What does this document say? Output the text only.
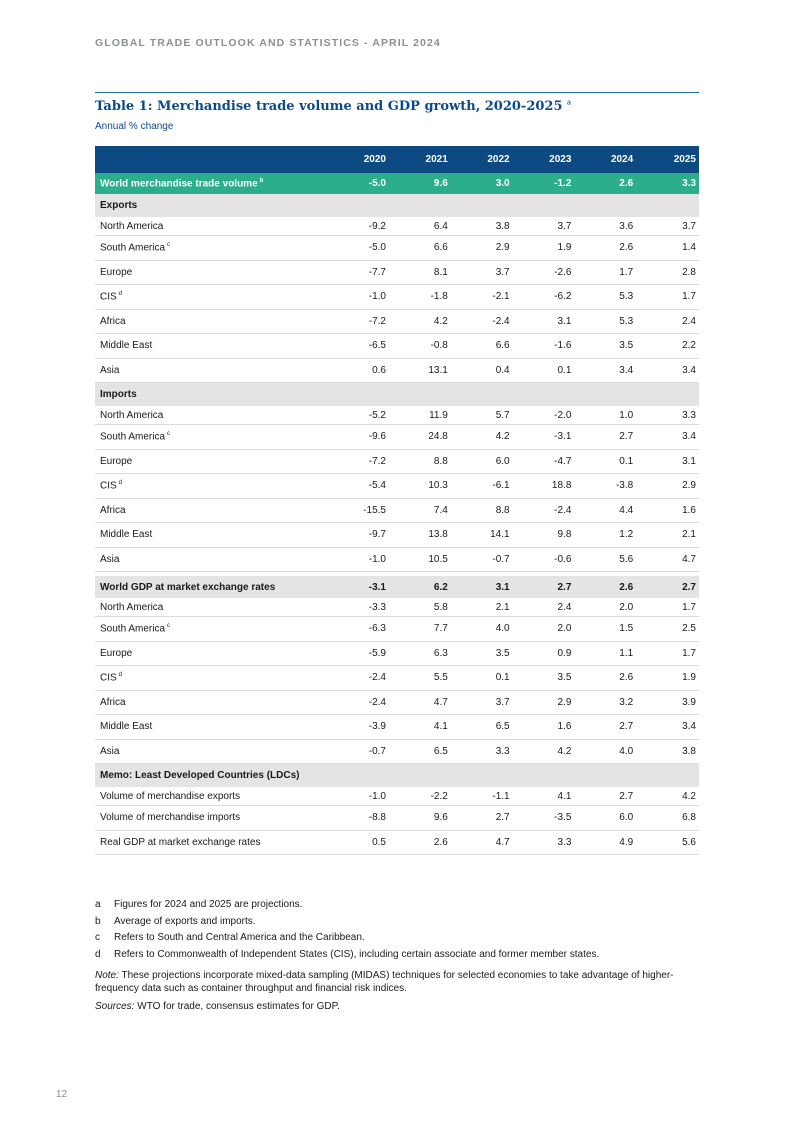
GLOBAL TRADE OUTLOOK AND STATISTICS - APRIL 2024
Table 1: Merchandise trade volume and GDP growth, 2020-2025 $^a$
Annual % change
2020	2021	2022	2023	2024	2025
World merchandise trade volume $^b$	-5.0	9.6	3.0	-1.2	2.6	3.3
Exports
North America	-9.2	6.4	3.8	3.7	3.6	3.7
South America $^c$	-5.0	6.6	2.9	1.9	2.6	1.4
Europe	-7.7	8.1	3.7	-2.6	1.7	2.8
CIS $^d$	-1.0	-1.8	-2.1	-6.2	5.3	1.7
Africa	-7.2	4.2	-2.4	3.1	5.3	2.4
Middle East	-6.5	-0.8	6.6	-1.6	3.5	2.2
Asia	0.6	13.1	0.4	0.1	3.4	3.4
Imports
North America	-5.2	11.9	5.7	-2.0	1.0	3.3
South America $^c$	-9.6	24.8	4.2	-3.1	2.7	3.4
Europe	-7.2	8.8	6.0	-4.7	0.1	3.1
CIS $^d$	-5.4	10.3	-6.1	18.8	-3.8	2.9
Africa	-15.5	7.4	8.8	-2.4	4.4	1.6
Middle East	-9.7	13.8	14.1	9.8	1.2	2.1
Asia	-1.0	10.5	-0.7	-0.6	5.6	4.7
World GDP at market exchange rates	-3.1	6.2	3.1	2.7	2.6	2.7
North America	-3.3	5.8	2.1	2.4	2.0	1.7
South America $^c$	-6.3	7.7	4.0	2.0	1.5	2.5
Europe	-5.9	6.3	3.5	0.9	1.1	1.7
CIS $^d$	-2.4	5.5	0.1	3.5	2.6	1.9
Africa	-2.4	4.7	3.7	2.9	3.2	3.9
Middle East	-3.9	4.1	6.5	1.6	2.7	3.4
Asia	-0.7	6.5	3.3	4.2	4.0	3.8
Memo: Least Developed Countries (LDCs)
Volume of merchandise exports	-1.0	-2.2	-1.1	4.1	2.7	4.2
Volume of merchandise imports	-8.8	9.6	2.7	-3.5	6.0	6.8
Real GDP at market exchange rates	0.5	2.6	4.7	3.3	4.9	5.6
a	Figures for 2024 and 2025 are projections.
b	Average of exports and imports.
c	Refers to South and Central America and the Caribbean.
d	Refers to Commonwealth of Independent States (CIS), including certain associate and former member states.
Note: These projections incorporate mixed-data sampling (MIDAS) techniques for selected economies to take advantage of higher-frequency data such as container throughput and financial risk indices.
Sources: WTO for trade, consensus estimates for GDP.
12
